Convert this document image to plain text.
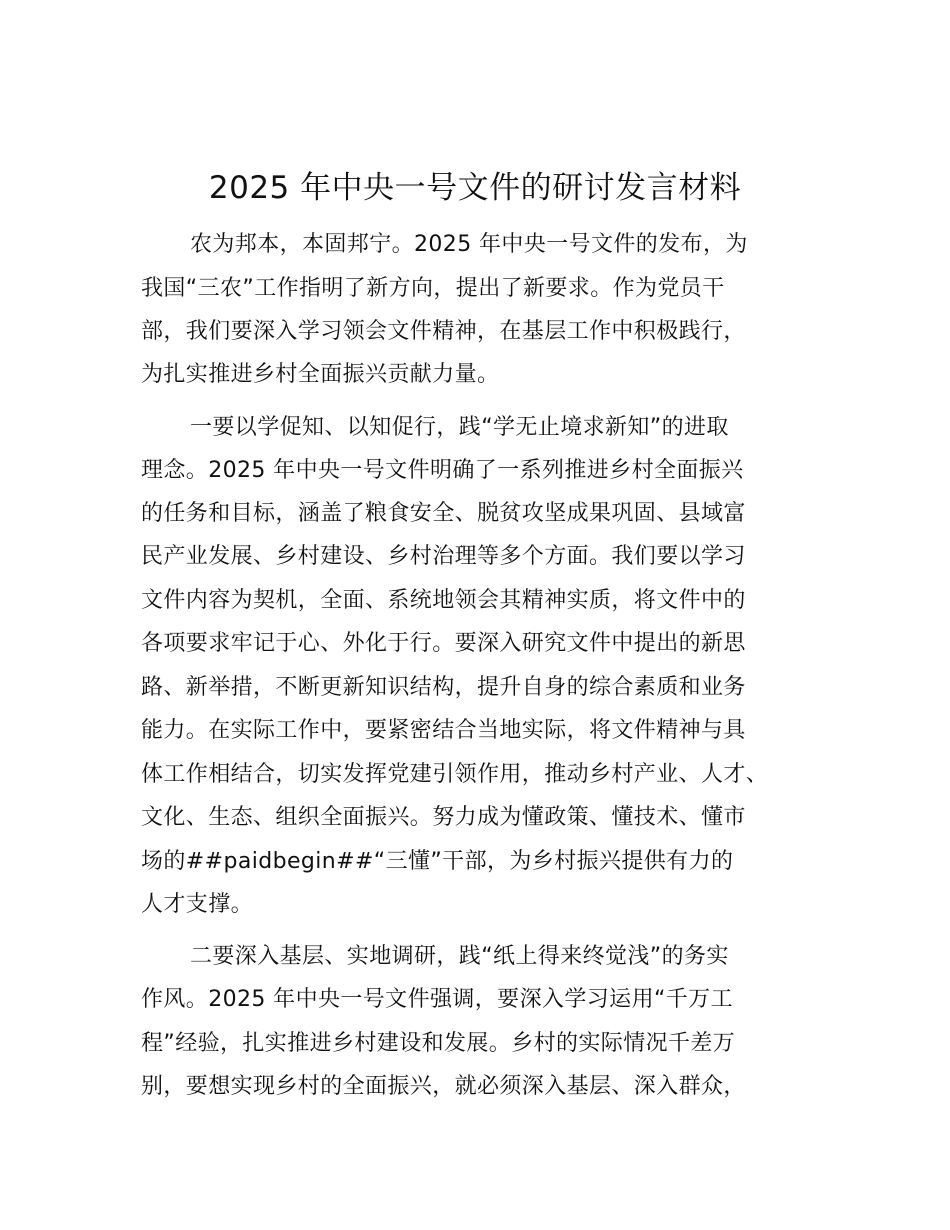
2025 年中央一号文件的研讨发言材料
农为邦本，本固邦宁。2025 年中央一号文件的发布，为
我国“三农”工作指明了新方向，提出了新要求。作为党员干
部，我们要深入学习领会文件精神，在基层工作中积极践行，
为扎实推进乡村全面振兴贡献力量。
一要以学促知、以知促行，践“学无止境求新知”的进取
理念。2025 年中央一号文件明确了一系列推进乡村全面振兴
的任务和目标，涵盖了粮食安全、脱贫攻坚成果巩固、县域富
民产业发展、乡村建设、乡村治理等多个方面。我们要以学习
文件内容为契机，全面、系统地领会其精神实质，将文件中的
各项要求牢记于心、外化于行。要深入研究文件中提出的新思
路、新举措，不断更新知识结构，提升自身的综合素质和业务
能力。在实际工作中，要紧密结合当地实际，将文件精神与具
体工作相结合，切实发挥党建引领作用，推动乡村产业、人才、
文化、生态、组织全面振兴。努力成为懂政策、懂技术、懂市
场的##paidbegin##“三懂”干部，为乡村振兴提供有力的
人才支撑。
二要深入基层、实地调研，践“纸上得来终觉浅”的务实
作风。2025 年中央一号文件强调，要深入学习运用“千万工
程”经验，扎实推进乡村建设和发展。乡村的实际情况千差万
别，要想实现乡村的全面振兴，就必须深入基层、深入群众，
